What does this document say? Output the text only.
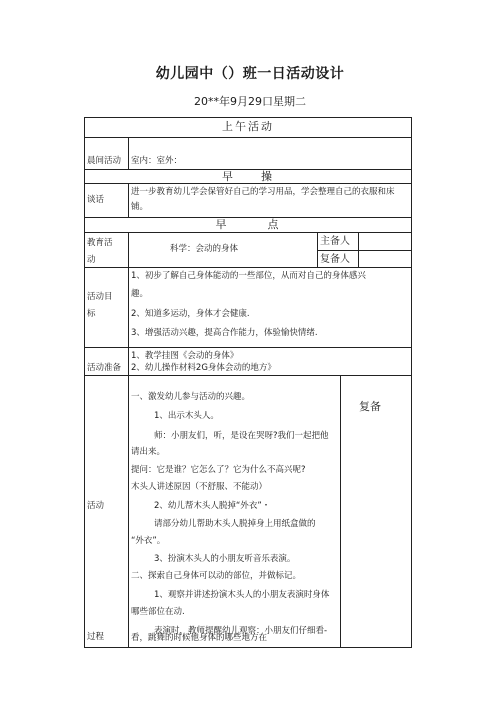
幼儿园中（）班一日活动设计
20**年9月29口星期二
上午活动
晨间活动 室内：室外：
早　　操
谈话
进一步教育幼儿学会保管好自己的学习用品，学会整理自己的衣服和床
铺。
早　　　点
教育活
动
科学：会动的身体
主备人
复备人
活动目
标
1、初步了解自己身体能动的一些部位，从而对自己的身体感兴
趣。
2、知道多运动，身体才会健康.
3、增强活动兴趣，提高合作能力，体验愉快情绪.
活动准备
1、教学挂图《会动的身体》
2、幼儿操作材料2G身体会动的地方》
活动
过程
复备
一、激发幼儿参与活动的兴趣。
1、出示木头人。
师：小朋友们，听，是设在哭呀?我们一起把他
请出来。
提问：它是谁？它怎么了？它为什么不高兴呢?
木头人讲述原因（不舒服、不能动）
2、幼儿帮木头人脱掉“外衣”・
请部分幼儿帮助木头人脱掉身上用纸盒做的
“外衣”。
3、扮演木头人的小朋友听音乐表演。
二、探索自己身体可以动的部位，并做标记。
1、观察并讲述扮演木头人的小朋友表演时身体
哪些部位在动.
表演时，教师提醒幼儿观察：小朋友们仔细看-
看，跳舞的时候他身体的哪些地方在
